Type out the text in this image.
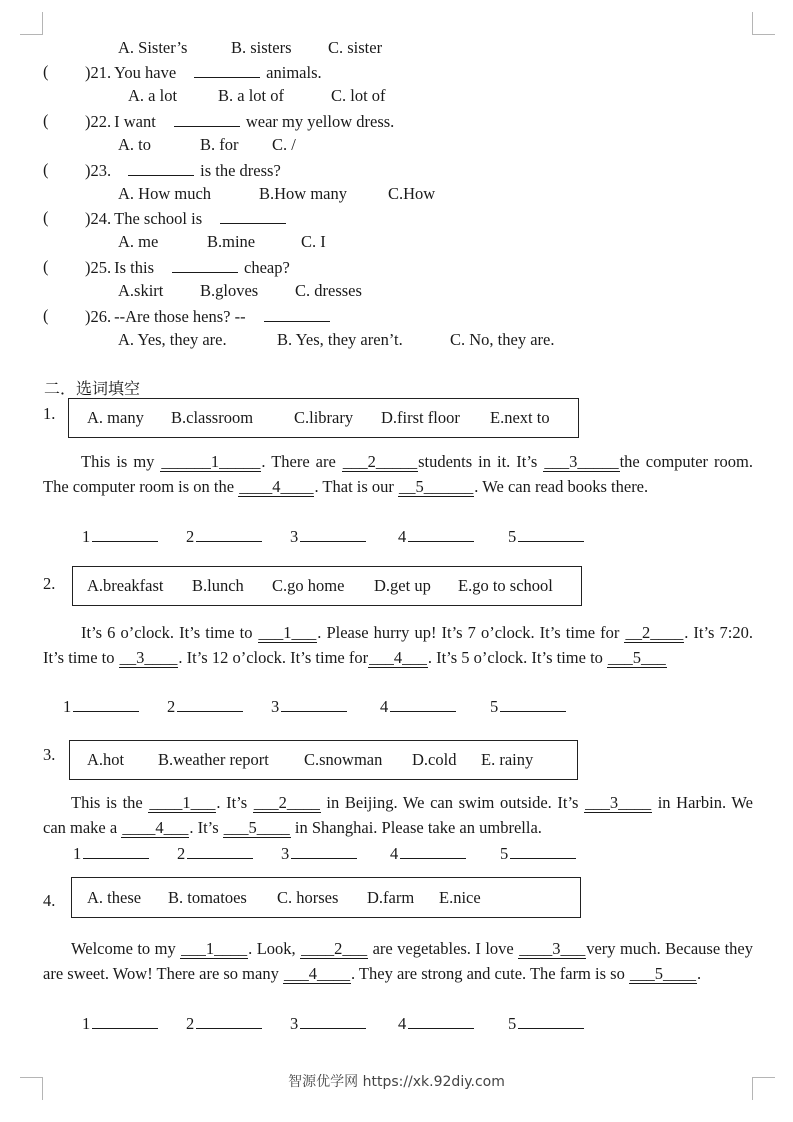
A. Sister’s	B. sisters C. sister
( )21. You have	animals.
A. a lot B. a lot of	C. lot of
( )22. I want	wear my yellow dress.
A. to	B. for C. /
( )23.	is the dress?
A. How much	B.How many C.How
( )24. The school is
A. me	B.mine	C. I
( )25. Is this	cheap?
A.skirt B.gloves C. dresses
( )26. --Are those hens? --
A. Yes, they are.	B. Yes, they aren’t.	C. No, they are.
二．选词填空
1. A. many B.classroom C.library D.first floor E.next to
This is my ______1_____. There are ___2_____students in it. It’s ___3_____the computer room. The computer room is on the ____4____. That is our __5______. We can read books there.
1	2	3	4	5
2. A.breakfast B.lunch C.go home D.get up E.go to school
It’s 6 o’clock. It’s time to ___1___. Please hurry up! It’s 7 o’clock. It’s time for __2____. It’s 7:20. It’s time to __3____. It’s 12 o’clock. It’s time for___4___. It’s 5 o’clock. It’s time to ___5___
1	2	3	4	5
3. A.hot B.weather report C.snowman D.cold E. rainy
This is the ____1___. It’s ___2____ in Beijing. We can swim outside. It’s ___3____ in Harbin. We can make a ____4___. It’s ___5____ in Shanghai. Please take an umbrella.
1	2	3	4	5
4. A. these B. tomatoes C. horses D.farm E.nice
Welcome to my ___1____. Look, ____2___ are vegetables. I love ____3___very much. Because they are sweet. Wow! There are so many ___4____. They are strong and cute. The farm is so ___5____.
1	2	3	4	5
智源优学网 https://xk.92diy.com
